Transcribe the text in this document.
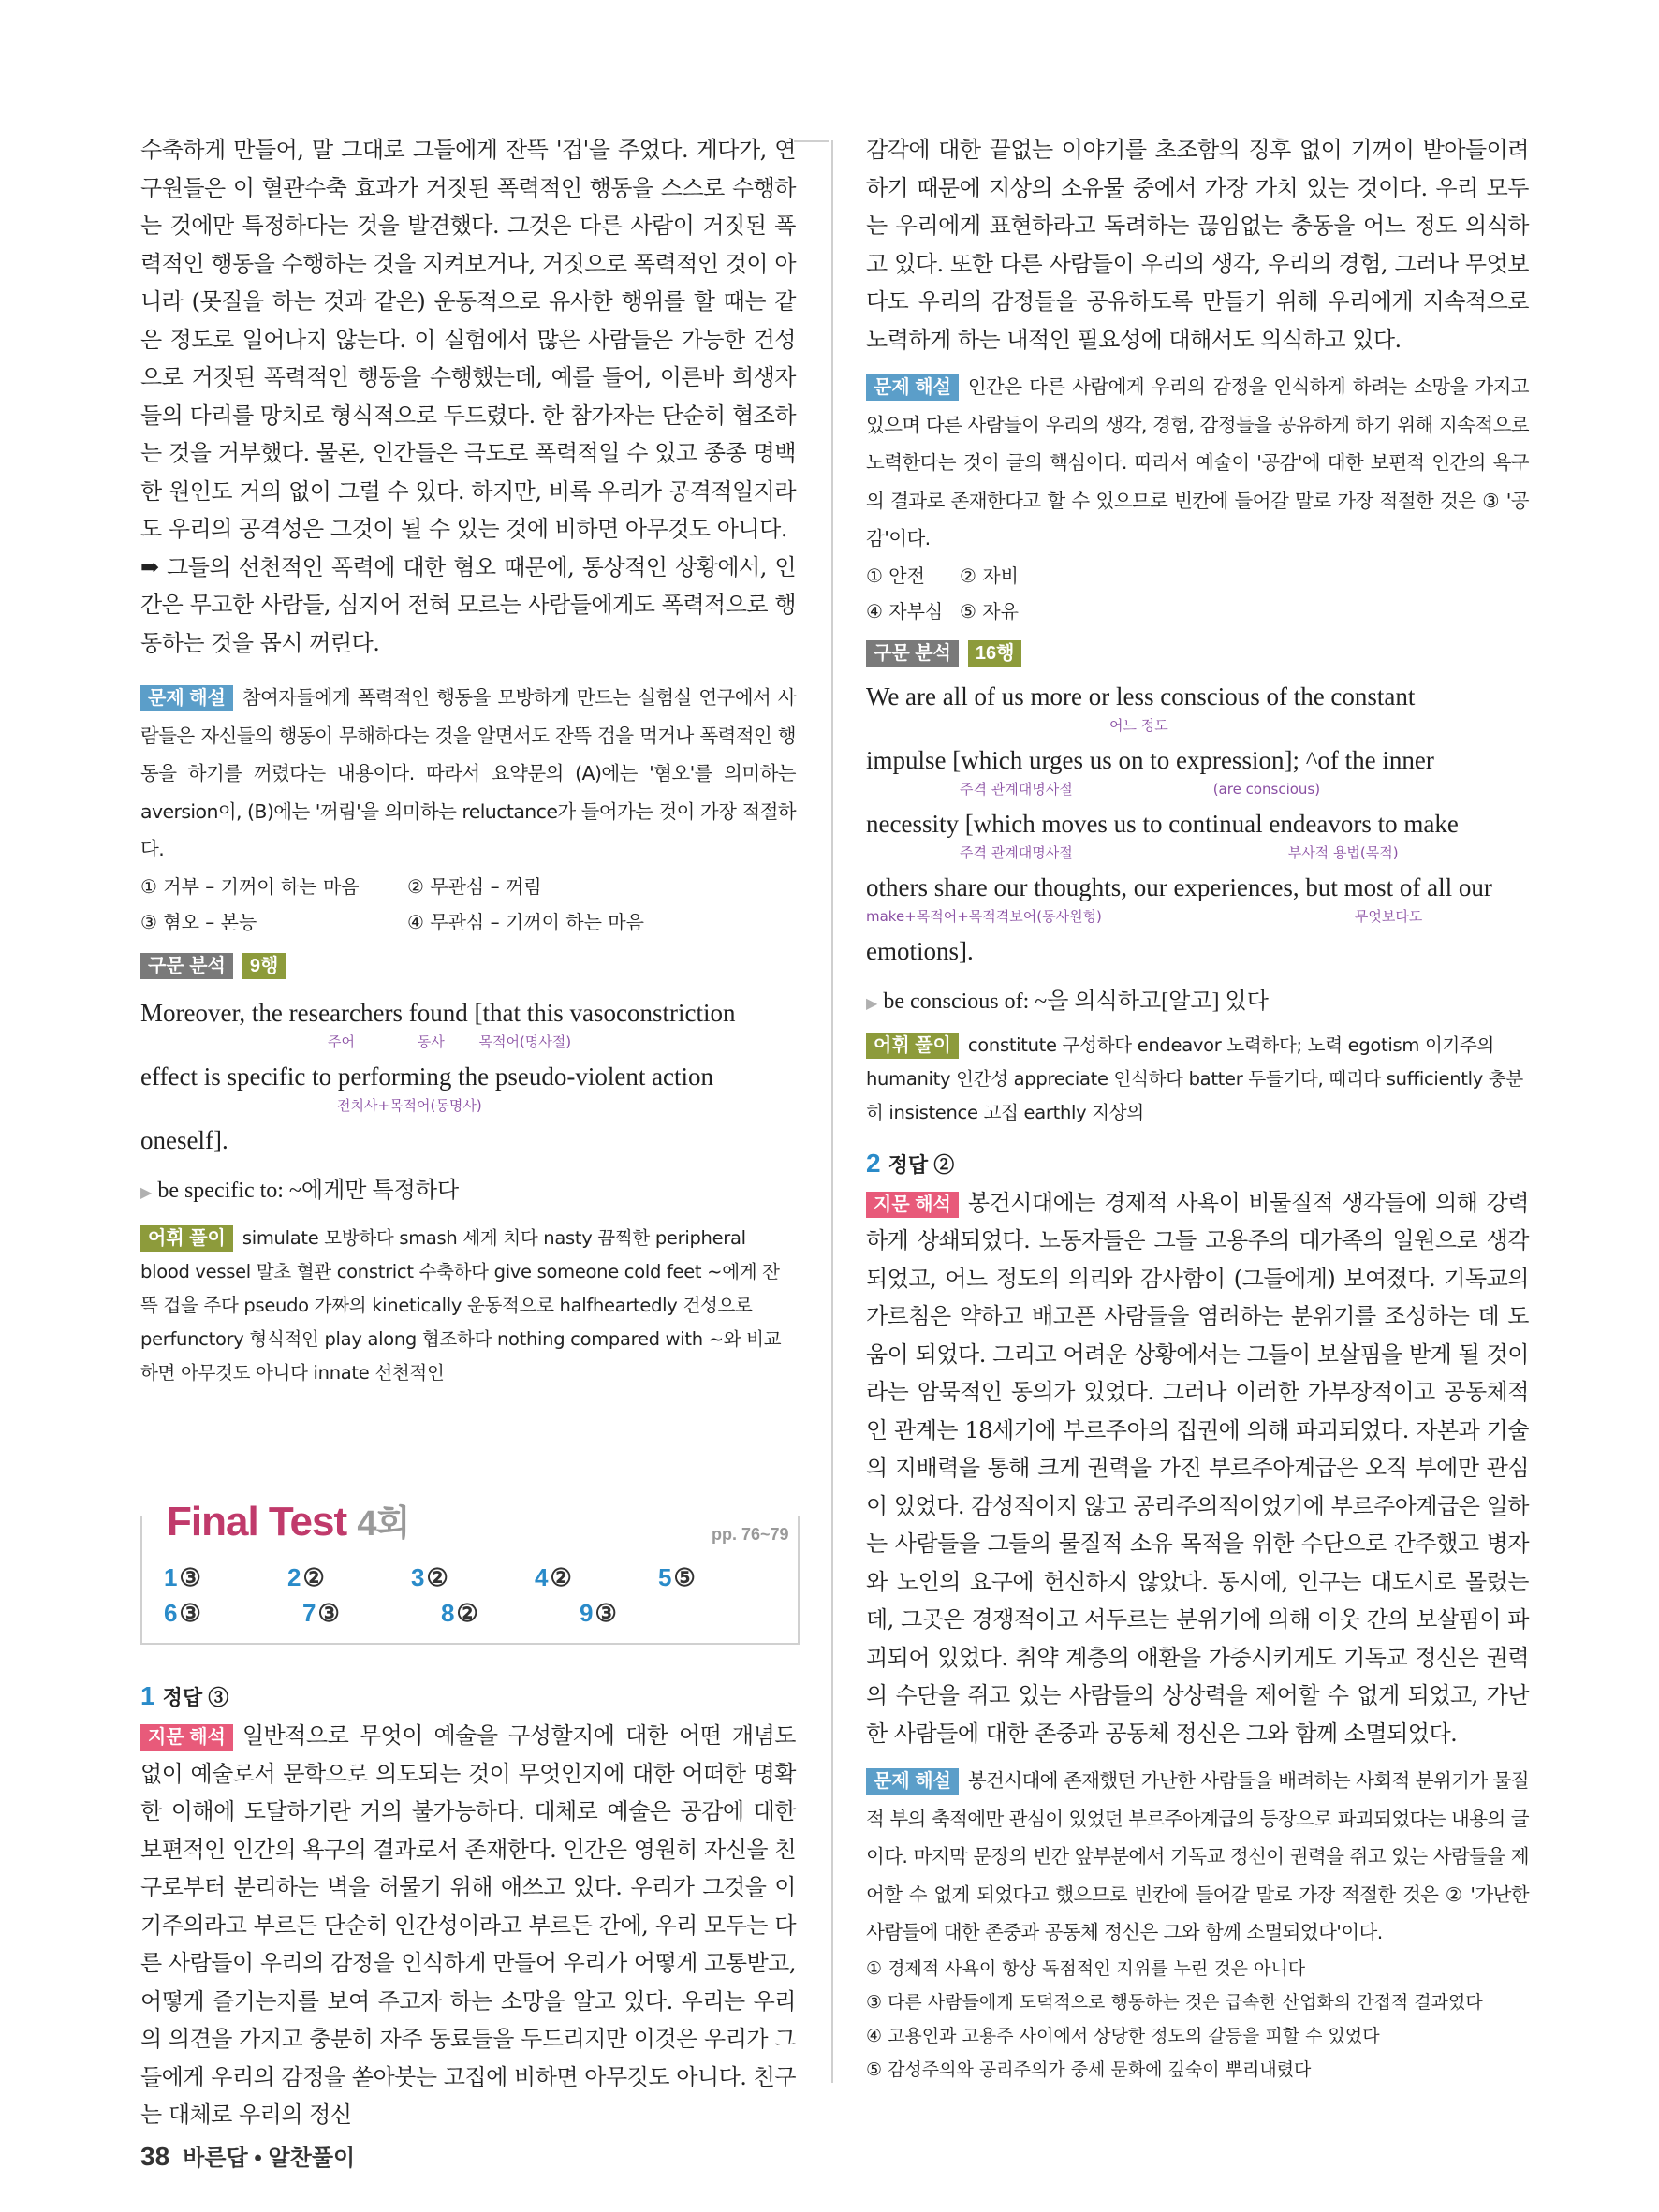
수축하게 만들어, 말 그대로 그들에게 잔뜩 '겁'을 주었다. 게다가, 연구원들은 이 혈관수축 효과가 거짓된 폭력적인 행동을 스스로 수행하는 것에만 특정하다는 것을 발견했다. 그것은 다른 사람이 거짓된 폭력적인 행동을 수행하는 것을 지켜보거나, 거짓으로 폭력적인 것이 아니라 (못질을 하는 것과 같은) 운동적으로 유사한 행위를 할 때는 같은 정도로 일어나지 않는다. 이 실험에서 많은 사람들은 가능한 건성으로 거짓된 폭력적인 행동을 수행했는데, 예를 들어, 이른바 희생자들의 다리를 망치로 형식적으로 두드렸다. 한 참가자는 단순히 협조하는 것을 거부했다. 물론, 인간들은 극도로 폭력적일 수 있고 종종 명백한 원인도 거의 없이 그럴 수 있다. 하지만, 비록 우리가 공격적일지라도 우리의 공격성은 그것이 될 수 있는 것에 비하면 아무것도 아니다.

➡ 그들의 선천적인 폭력에 대한 혐오 때문에, 통상적인 상황에서, 인간은 무고한 사람들, 심지어 전혀 모르는 사람들에게도 폭력적으로 행동하는 것을 몹시 꺼린다.

문제 해설 참여자들에게 폭력적인 행동을 모방하게 만드는 실험실 연구에서 사람들은 자신들의 행동이 무해하다는 것을 알면서도 잔뜩 겁을 먹거나 폭력적인 행동을 하기를 꺼렸다는 내용이다. 따라서 요약문의 (A)에는 '혐오'를 의미하는 aversion이, (B)에는 '꺼림'을 의미하는 reluctance가 들어가는 것이 가장 적절하다.

① 거부 – 기꺼이 하는 마음	② 무관심 – 꺼림
③ 혐오 – 본능	④ 무관심 – 기꺼이 하는 마음
구문 분석 9행

Moreover, the researchers found [that this vasoconstriction

주어	동사 목적어(명사절)

effect is specific to performing the pseudo-violent action

전치사+목적어(동명사)

oneself].

▶ be specific to: ~에게만 특정하다

어휘 풀이 simulate 모방하다 smash 세게 치다 nasty 끔찍한 peripheral blood vessel 말초 혈관 constrict 수축하다 give someone cold feet ~에게 잔뜩 겁을 주다 pseudo 가짜의 kinetically 운동적으로 halfheartedly 건성으로 perfunctory 형식적인 play along 협조하다 nothing compared with ~와 비교하면 아무것도 아니다 innate 선천적인

Final Test 4회	pp. 76~79
1③	2②	3②	4②	5⑤
6③	7③	8②	9③

1 정답 ③

지문 해석 일반적으로 무엇이 예술을 구성할지에 대한 어떤 개념도 없이 예술로서 문학으로 의도되는 것이 무엇인지에 대한 어떠한 명확한 이해에 도달하기란 거의 불가능하다. 대체로 예술은 공감에 대한 보편적인 인간의 욕구의 결과로서 존재한다. 인간은 영원히 자신을 친구로부터 분리하는 벽을 허물기 위해 애쓰고 있다. 우리가 그것을 이기주의라고 부르든 단순히 인간성이라고 부르든 간에, 우리 모두는 다른 사람들이 우리의 감정을 인식하게 만들어 우리가 어떻게 고통받고, 어떻게 즐기는지를 보여 주고자 하는 소망을 알고 있다. 우리는 우리의 의견을 가지고 충분히 자주 동료들을 두드리지만 이것은 우리가 그들에게 우리의 감정을 쏟아붓는 고집에 비하면 아무것도 아니다. 친구는 대체로 우리의 정신

감각에 대한 끝없는 이야기를 초조함의 징후 없이 기꺼이 받아들이려 하기 때문에 지상의 소유물 중에서 가장 가치 있는 것이다. 우리 모두는 우리에게 표현하라고 독려하는 끊임없는 충동을 어느 정도 의식하고 있다. 또한 다른 사람들이 우리의 생각, 우리의 경험, 그러나 무엇보다도 우리의 감정들을 공유하도록 만들기 위해 우리에게 지속적으로 노력하게 하는 내적인 필요성에 대해서도 의식하고 있다.

문제 해설 인간은 다른 사람에게 우리의 감정을 인식하게 하려는 소망을 가지고 있으며 다른 사람들이 우리의 생각, 경험, 감정들을 공유하게 하기 위해 지속적으로 노력한다는 것이 글의 핵심이다. 따라서 예술이 '공감'에 대한 보편적 인간의 욕구의 결과로 존재한다고 할 수 있으므로 빈칸에 들어갈 말로 가장 적절한 것은 ③ '공감'이다.

① 안전 ② 자비
④ 자부심 ⑤ 자유
구문 분석 16행

We are all of us more or less conscious of the constant

어느 정도

impulse [which urges us on to expression]; ^of the inner

주격 관계대명사절	(are conscious)

necessity [which moves us to continual endeavors to make

주격 관계대명사절	부사적 용법(목적)

others share our thoughts, our experiences, but most of all our

make+목적어+목적격보어(동사원형)	무엇보다도

emotions].

▶ be conscious of: ~을 의식하고[알고] 있다

어휘 풀이 constitute 구성하다 endeavor 노력하다; 노력 egotism 이기주의 humanity 인간성 appreciate 인식하다 batter 두들기다, 때리다 sufficiently 충분히 insistence 고집 earthly 지상의

2 정답 ②

지문 해석 봉건시대에는 경제적 사욕이 비물질적 생각들에 의해 강력하게 상쇄되었다. 노동자들은 그들 고용주의 대가족의 일원으로 생각되었고, 어느 정도의 의리와 감사함이 (그들에게) 보여졌다. 기독교의 가르침은 약하고 배고픈 사람들을 염려하는 분위기를 조성하는 데 도움이 되었다. 그리고 어려운 상황에서는 그들이 보살핌을 받게 될 것이라는 암묵적인 동의가 있었다. 그러나 이러한 가부장적이고 공동체적인 관계는 18세기에 부르주아의 집권에 의해 파괴되었다. 자본과 기술의 지배력을 통해 크게 권력을 가진 부르주아계급은 오직 부에만 관심이 있었다. 감성적이지 않고 공리주의적이었기에 부르주아계급은 일하는 사람들을 그들의 물질적 소유 목적을 위한 수단으로 간주했고 병자와 노인의 요구에 헌신하지 않았다. 동시에, 인구는 대도시로 몰렸는데, 그곳은 경쟁적이고 서두르는 분위기에 의해 이웃 간의 보살핌이 파괴되어 있었다. 취약 계층의 애환을 가중시키게도 기독교 정신은 권력의 수단을 쥐고 있는 사람들의 상상력을 제어할 수 없게 되었고, 가난한 사람들에 대한 존중과 공동체 정신은 그와 함께 소멸되었다.

문제 해설 봉건시대에 존재했던 가난한 사람들을 배려하는 사회적 분위기가 물질적 부의 축적에만 관심이 있었던 부르주아계급의 등장으로 파괴되었다는 내용의 글이다. 마지막 문장의 빈칸 앞부분에서 기독교 정신이 권력을 쥐고 있는 사람들을 제어할 수 없게 되었다고 했으므로 빈칸에 들어갈 말로 가장 적절한 것은 ② '가난한 사람들에 대한 존중과 공동체 정신은 그와 함께 소멸되었다'이다.

① 경제적 사욕이 항상 독점적인 지위를 누린 것은 아니다
③ 다른 사람들에게 도덕적으로 행동하는 것은 급속한 산업화의 간접적 결과였다
④ 고용인과 고용주 사이에서 상당한 정도의 갈등을 피할 수 있었다
⑤ 감성주의와 공리주의가 중세 문화에 깊숙이 뿌리내렸다
38 바른답 • 알찬풀이
